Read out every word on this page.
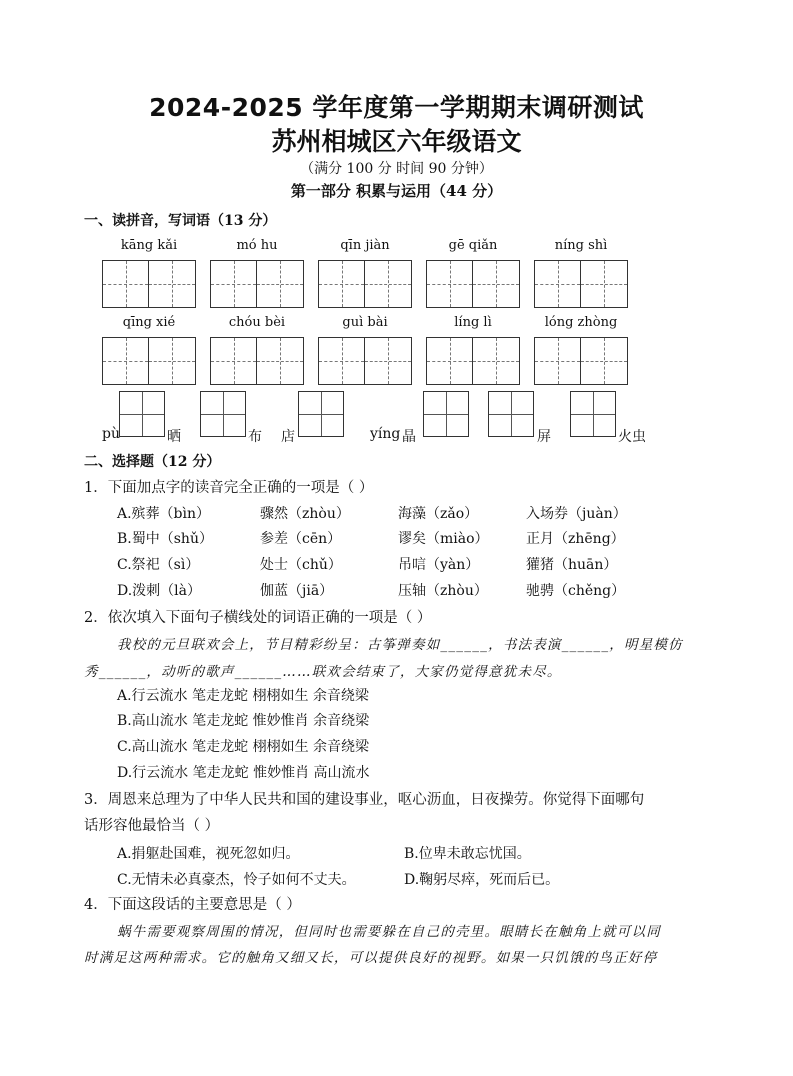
2024-2025 学年度第一学期期末调研测试
苏州相城区六年级语文
（满分 100 分 时间 90 分钟）
第一部分 积累与运用（44 分）
一、读拼音，写词语（13 分）
kāng kǎi	mó hu	qīn jiàn	gē qiǎn	níng shì
qīng xié	chóu bèi	guì bài	líng lì	lóng zhòng
pù	晒	布 店	yíng 晶	屏	火虫
二、选择题（12 分）
1．下面加点字的读音完全正确的一项是（ ）
A.殡葬（bìn）	骤然（zhòu）	海藻（zǎo）	入场券（juàn）
B.蜀中（shǔ）	参差（cēn）	谬矣（miào）	正月（zhēng）
C.祭祀（sì）	处士（chǔ）	吊唁（yàn）	獾猪（huān）
D.泼刺（là）	伽蓝（jiā）	压轴（zhòu）	驰骋（chěng）
2．依次填入下面句子横线处的词语正确的一项是（ ）
我校的元旦联欢会上，节目精彩纷呈：古筝弹奏如______，书法表演______，明星模仿
秀______，动听的歌声______……联欢会结束了，大家仍觉得意犹未尽。
A.行云流水 笔走龙蛇 栩栩如生 余音绕梁
B.高山流水 笔走龙蛇 惟妙惟肖 余音绕梁
C.高山流水 笔走龙蛇 栩栩如生 余音绕梁
D.行云流水 笔走龙蛇 惟妙惟肖 高山流水
3．周恩来总理为了中华人民共和国的建设事业，呕心沥血，日夜操劳。你觉得下面哪句
话形容他最恰当（ ）
A.捐躯赴国难，视死忽如归。	B.位卑未敢忘忧国。
C.无情未必真豪杰，怜子如何不丈夫。	D.鞠躬尽瘁，死而后已。
4．下面这段话的主要意思是（ ）
蜗牛需要观察周围的情况，但同时也需要躲在自己的壳里。眼睛长在触角上就可以同
时满足这两种需求。它的触角又细又长，可以提供良好的视野。如果一只饥饿的鸟正好停
